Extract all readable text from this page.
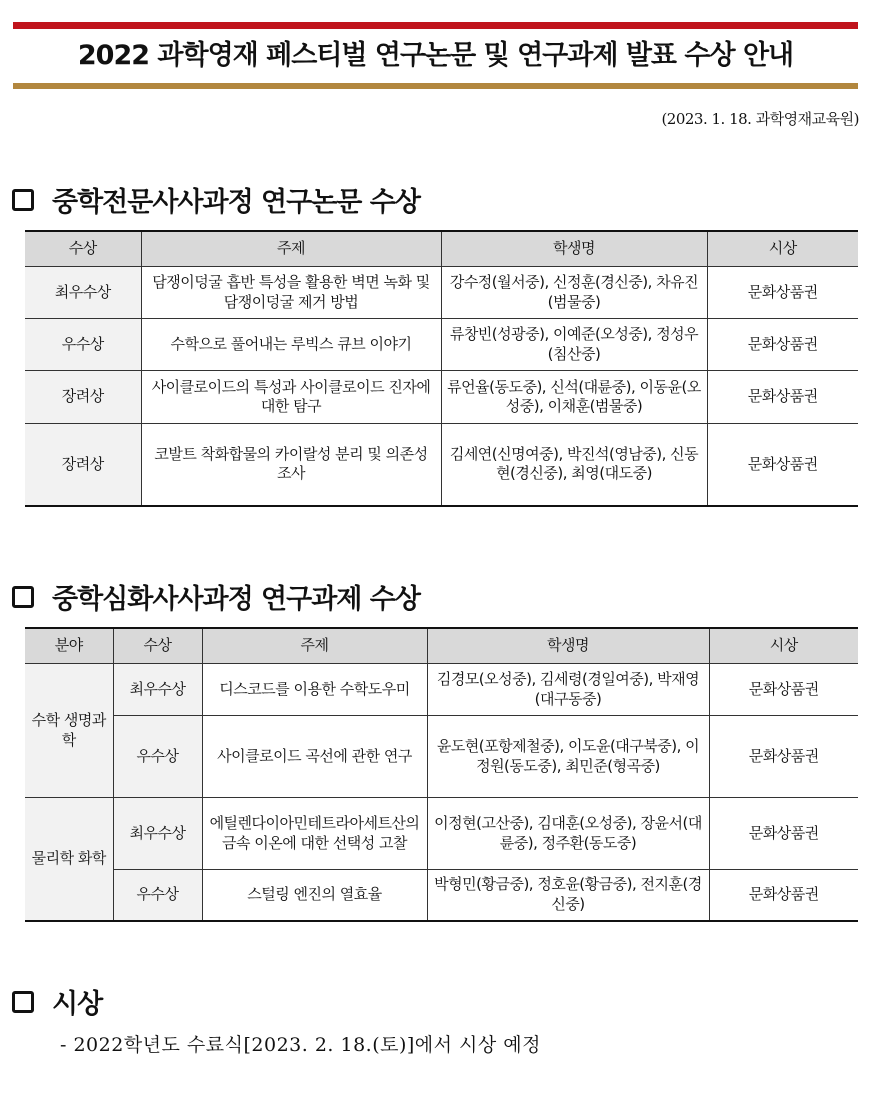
2022 과학영재 페스티벌 연구논문 및 연구과제 발표 수상 안내
(2023. 1. 18. 과학영재교육원)
중학전문사사과정 연구논문 수상
수상	주제	학생명	시상
최우수상	담쟁이덩굴 흡반 특성을 활용한 벽면 녹화 및 담쟁이덩굴 제거 방법	강수정(월서중), 신정훈(경신중), 차유진(범물중)	문화상품권
우수상	수학으로 풀어내는 루빅스 큐브 이야기	류창빈(성광중), 이예준(오성중), 정성우(침산중)	문화상품권
장려상	사이클로이드의 특성과 사이클로이드 진자에 대한 탐구	류언율(동도중), 신석(대륜중), 이동윤(오성중), 이채훈(범물중)	문화상품권
장려상	코발트 착화합물의 카이랄성 분리 및 의존성 조사	김세연(신명여중), 박진석(영남중), 신동현(경신중), 최영(대도중)	문화상품권
중학심화사사과정 연구과제 수상
분야	수상	주제	학생명	시상
수학 생명과학	최우수상	디스코드를 이용한 수학도우미	김경모(오성중), 김세령(경일여중), 박재영(대구동중)	문화상품권
	우수상	사이클로이드 곡선에 관한 연구	윤도현(포항제철중), 이도윤(대구북중), 이정원(동도중), 최민준(형곡중)	문화상품권
물리학 화학	최우수상	에틸렌다이아민테트라아세트산의 금속 이온에 대한 선택성 고찰	이정현(고산중), 김대훈(오성중), 장윤서(대륜중), 정주환(동도중)	문화상품권
	우수상	스털링 엔진의 열효율	박형민(황금중), 정호윤(황금중), 전지훈(경신중)	문화상품권
시상
- 2022학년도 수료식[2023. 2. 18.(토)]에서 시상 예정
